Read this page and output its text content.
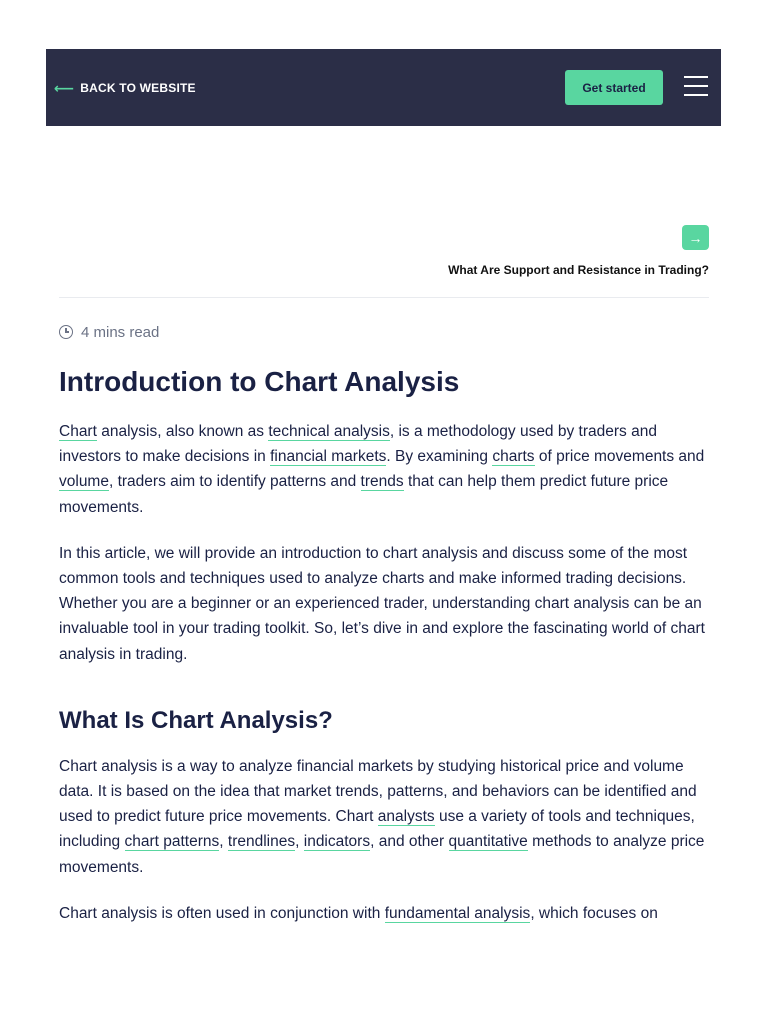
⟵ BACK TO WEBSITE	Get started
→
What Are Support and Resistance in Trading?
4 mins read
Introduction to Chart Analysis

Chart analysis, also known as technical analysis, is a methodology used by traders and investors to make decisions in financial markets. By examining charts of price movements and volume, traders aim to identify patterns and trends that can help them predict future price movements.

In this article, we will provide an introduction to chart analysis and discuss some of the most common tools and techniques used to analyze charts and make informed trading decisions. Whether you are a beginner or an experienced trader, understanding chart analysis can be an invaluable tool in your trading toolkit. So, let’s dive in and explore the fascinating world of chart analysis in trading.

What Is Chart Analysis?

Chart analysis is a way to analyze financial markets by studying historical price and volume data. It is based on the idea that market trends, patterns, and behaviors can be identified and used to predict future price movements. Chart analysts use a variety of tools and techniques, including chart patterns, trendlines, indicators, and other quantitative methods to analyze price movements.

Chart analysis is often used in conjunction with fundamental analysis, which focuses on
